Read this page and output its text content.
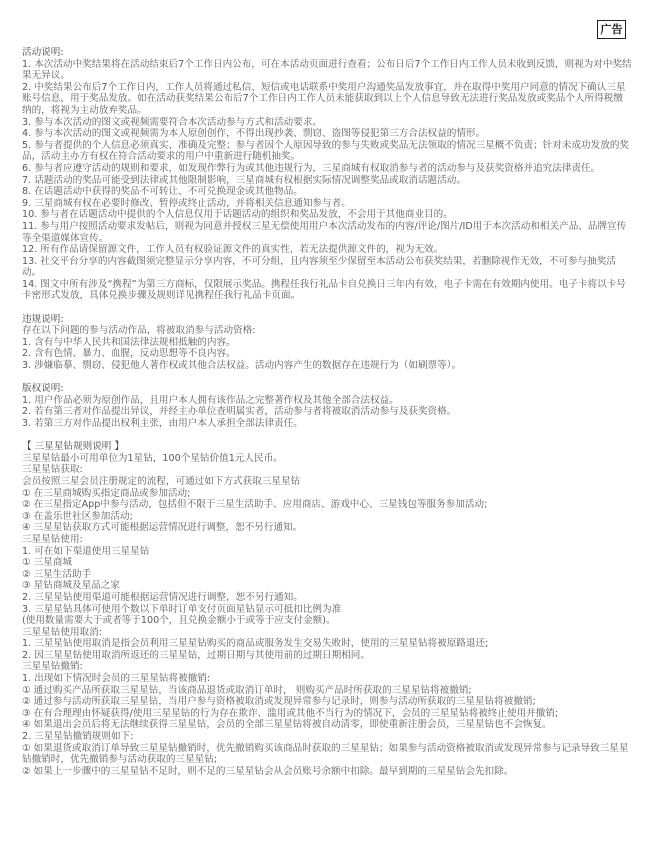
广告

活动说明:

1. 本次活动中奖结果将在活动结束后7个工作日内公布，可在本活动页面进行查看；公布日后7个工作日内工作人员未收到反馈，则视为对中奖结果无异议。

2. 中奖结果公布后7个工作日内，工作人员将通过私信、短信或电话联系中奖用户沟通奖品发放事宜，并在取得中奖用户同意的情况下确认三星账号信息，用于奖品发放。如在活动获奖结果公布后7个工作日内工作人员未能获取到以上个人信息导致无法进行奖品发放或奖品个人所得税缴纳的，将视为主动放弃奖品。

3. 参与本次活动的图文或视频需要符合本次活动参与方式和活动要求。

4. 参与本次活动的图文或视频需为本人原创创作，不得出现抄袭、剽窃、盗图等侵犯第三方合法权益的情形。

5. 参与者提供的个人信息必须真实、准确及完整；参与者因个人原因导致的参与失败或奖品无法领取的情况三星概不负责；针对未成功发放的奖品，活动主办方有权在符合活动要求的用户中重新进行随机抽奖。

6. 参与者应遵守活动的规则和要求，如发现作弊行为或其他违规行为，三星商城有权取消参与者的活动参与及获奖资格并追究法律责任。

7. 话题活动的奖品可能受到法律或其他限制影响，三星商城有权根据实际情况调整奖品或取消话题活动。

8. 在话题活动中获得的奖品不可转让、不可兑换现金或其他物品。

9. 三星商城有权在必要时修改、暂停或终止活动，并将相关信息通知参与者。

10. 参与者在话题活动中提供的个人信息仅用于话题活动的组织和奖品发放，不会用于其他商业目的。

11. 参与用户按照活动要求发帖后，则视为同意并授权三星无偿使用用户本次活动发布的内容/评论/图片/ID用于本次活动和相关产品、品牌宣传等全渠道媒体宣传。

12. 所有作品请保留源文件，工作人员有权验证源文件的真实性，若无法提供源文件的，视为无效。

13. 社交平台分享的内容截图须完整显示分享内容，不可分组，且内容须至少保留至本活动公布获奖结果，若删除视作无效，不可参与抽奖活动。

14. 图文中所有涉及“携程”为第三方商标，仅限展示奖品。携程任我行礼品卡自兑换日三年内有效，电子卡需在有效期内使用。电子卡将以卡号卡密形式发放，具体兑换步骤及规则详见携程任我行礼品卡页面。

违规说明:

存在以下问题的参与活动作品，将被取消参与活动资格:

1. 含有与中华人民共和国法律法规相抵触的内容。

2. 含有色情、暴力、血腥，反动思想等不良内容。

3. 涉嫌临摹、剽窃、侵犯他人著作权或其他合法权益。活动内容产生的数据存在违规行为（如刷票等）。

版权说明:

1. 用户作品必须为原创作品，且用户本人拥有该作品之完整著作权及其他全部合法权益。

2. 若有第三者对作品提出异议，并经主办单位查明属实者，活动参与者将被取消活动参与及获奖资格。

3. 若第三方对作品提出权利主张，由用户本人承担全部法律责任。

【 三星星钻规则说明 】

三星星钻最小可用单位为1星钻，100个星钻价值1元人民币。

三星星钻获取:

会员按照三星会员注册规定的流程，可通过如下方式获取三星星钻

① 在三星商城购买指定商品或参加活动;

② 在三星指定App中参与活动，包括但不限于三星生活助手、应用商店、游戏中心、三星钱包等服务参加活动;

③ 在盖乐世社区参加活动;

④ 三星星钻获取方式可能根据运营情况进行调整，恕不另行通知。

三星星钻使用:

1. 可在如下渠道使用三星星钻

① 三星商城

② 三星生活助手

③ 星钻商城及星品之家

2. 三星星钻使用渠道可能根据运营情况进行调整，恕不另行通知。

3. 三星星钻具体可使用个数以下单时订单支付页面星钻显示可抵扣比例为准

(使用数量需要大于或者等于100个，且兑换金额小于或等于应支付金额)。

三星星钻使用取消:

1. 三星星钻使用取消是指会员利用三星星钻购买的商品或服务发生交易失败时，使用的三星星钻将被原路退还;

2. 因三星星钻使用取消所返还的三星星钻，过期日期与其使用前的过期日期相同。

三星星钻撤销:

1. 出现如下情况时会员的三星星钻将被撤销:

① 通过购买产品所获取三星星钻，当该商品退货或取消订单时， 则购买产品时所获取的三星星钻将被撤销;

② 通过参与活动所获取三星星钻，当用户参与资格被取消或发现异常参与记录时，则参与活动所获取的三星星钻将被撤销;

③ 在有合理理由怀疑获得/使用三星星钻的行为存在欺诈、滥用或其他不当行为的情况下，会员的三星星钻将被终止使用并撤销;

④ 如果退出会员后将无法继续获得三星星钻，会员的全部三星星钻将被自动清零，即使重新注册会员，三星星钻也不会恢复。

2. 三星星钻撤销规则如下:

① 如果退货或取消订单导致三星星钻撤销时，优先撤销购买该商品时获取的三星星钻；如果参与活动资格被取消或发现异常参与记录导致三星星钻撤销时，优先撤销参与活动获取的三星星钻;

② 如果上一步骤中的三星星钻不足时，则不足的三星星钻会从会员账号余额中扣除。最早到期的三星星钻会先扣除。
